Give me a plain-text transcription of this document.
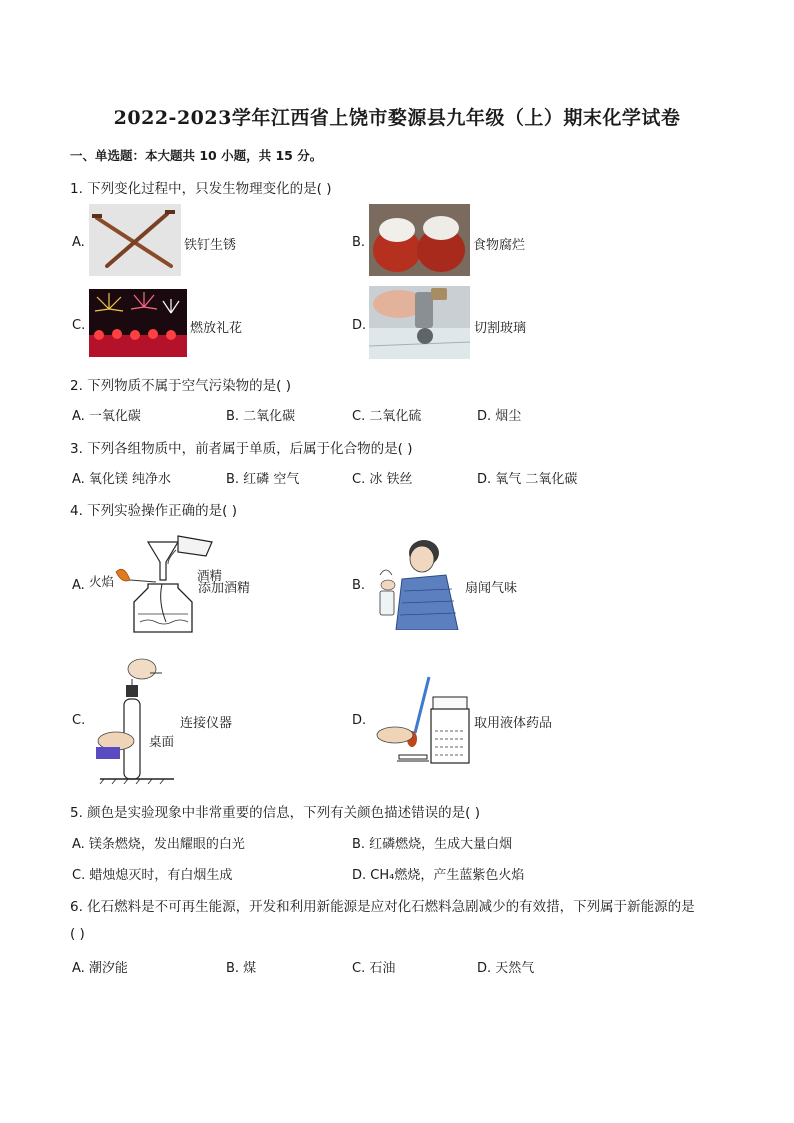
2022-2023学年江西省上饶市婺源县九年级（上）期末化学试卷
一、单选题：本大题共 10 小题，共 15 分。
1. 下列变化过程中，只发生物理变化的是( )
A.	铁钉生锈	B.	食物腐烂
C.	燃放礼花	D.	切割玻璃
2. 下列物质不属于空气污染物的是( )
A. 一氧化碳	B. 二氧化碳	C. 二氧化硫	D. 烟尘
3. 下列各组物质中，前者属于单质，后属于化合物的是( )
A. 氧化镁 纯净水	B. 红磷 空气	C. 冰 铁丝	D. 氧气 二氧化碳
4. 下列实验操作正确的是( )
A. 火焰	酒精
添加酒精	B.	扇闻气味
C.
桌面
连接仪器	D.	取用液体药品
5. 颜色是实验现象中非常重要的信息，下列有关颜色描述错误的是( )
A. 镁条燃烧，发出耀眼的白光	B. 红磷燃烧，生成大量白烟
C. 蜡烛熄灭时，有白烟生成	D. CH₄燃烧，产生蓝紫色火焰
6. 化石燃料是不可再生能源，开发和利用新能源是应对化石燃料急剧减少的有效措，下列属于新能源的是
( )
A. 潮汐能	B. 煤	C. 石油	D. 天然气
